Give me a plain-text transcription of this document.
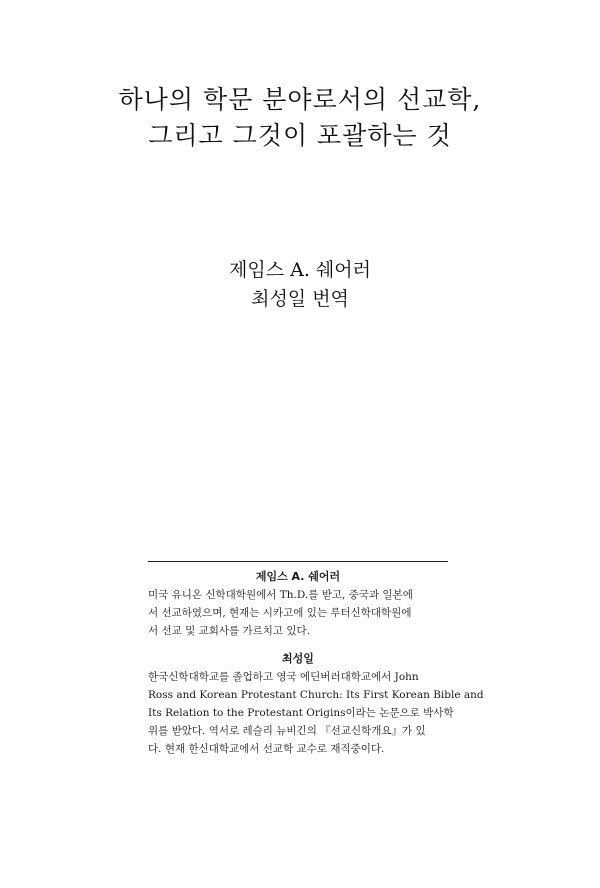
하나의 학문 분야로서의 선교학,
그리고 그것이 포괄하는 것
제임스 A. 쉐어러
최성일 번역

제임스 A. 쉐어러

미국 유니온 신학대학원에서 Th.D.를 받고, 중국과 일본에
서 선교하였으며, 현재는 시카고에 있는 루터신학대학원에
서 선교 및 교회사를 가르치고 있다.

최성일

한국신학대학교를 졸업하고 영국 에딘버러대학교에서 John
Ross and Korean Protestant Church: Its First Korean Bible and
Its Relation to the Protestant Origins이라는 논문으로 박사학
위를 받았다. 역서로 레슬리 뉴비긴의 『선교신학개요』가 있
다. 현재 한신대학교에서 선교학 교수로 재직중이다.
